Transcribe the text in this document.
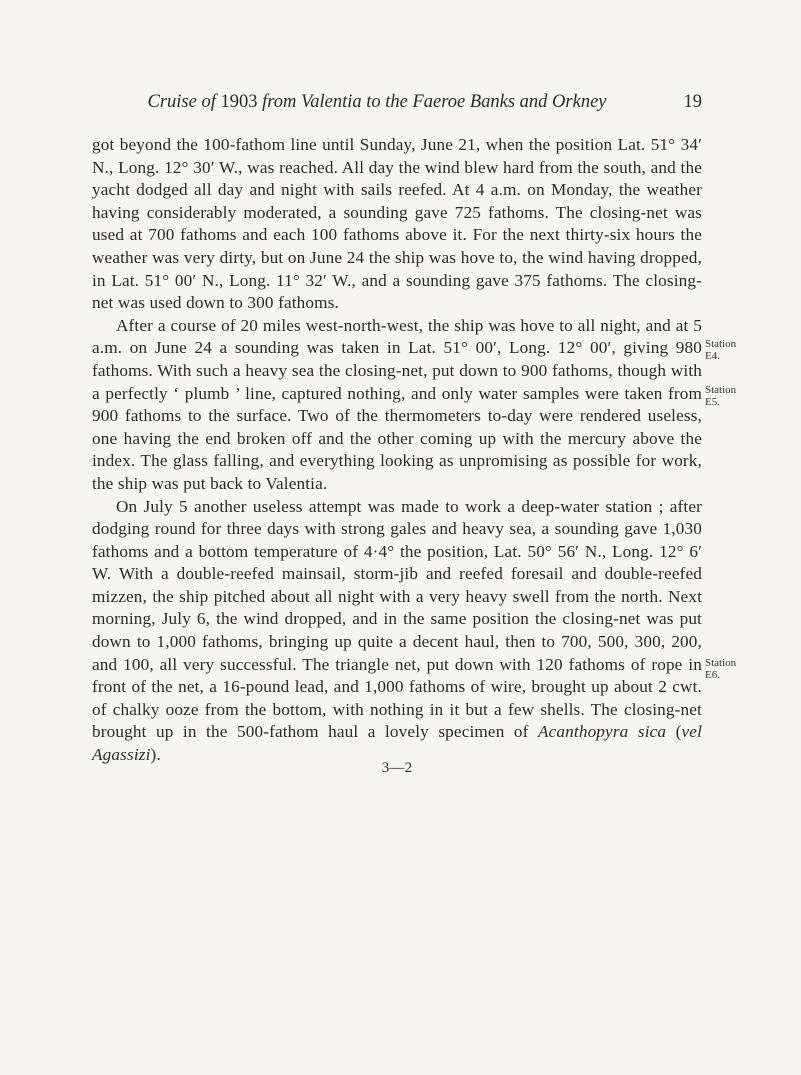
Cruise of 1903 from Valentia to the Faeroe Banks and Orkney	19

got beyond the 100-fathom line until Sunday, June 21, when the position Lat. 51° 34′ N., Long. 12° 30′ W., was reached. All day the wind blew hard from the south, and the yacht dodged all day and night with sails reefed. At 4 a.m. on Monday, the weather having considerably moderated, a sounding gave 725 fathoms. The closing-net was used at 700 fathoms and each 100 fathoms above it. For the next thirty-six hours the weather was very dirty, but on June 24 the ship was hove to, the wind having dropped, in Lat. 51° 00′ N., Long. 11° 32′ W., and a sounding gave 375 fathoms. The closing-net was used down to 300 fathoms.

After a course of 20 miles west-north-west, the ship was hove to all night, and at 5 a.m. on June 24 a sounding was taken in Lat. 51° 00′, Long. 12° 00′, giving 980 fathoms. With such a heavy sea the closing-net, put down to 900 fathoms, though with a perfectly ‘ plumb ’ line, captured nothing, and only water samples were taken from 900 fathoms to the surface. Two of the thermometers to-day were rendered useless, one having the end broken off and the other coming up with the mercury above the index. The glass falling, and everything looking as unpromising as possible for work, the ship was put back to Valentia.

On July 5 another useless attempt was made to work a deep-water station ; after dodging round for three days with strong gales and heavy sea, a sounding gave 1,030 fathoms and a bottom temperature of 4·4° the position, Lat. 50° 56′ N., Long. 12° 6′ W. With a double-reefed mainsail, storm-jib and reefed foresail and double-reefed mizzen, the ship pitched about all night with a very heavy swell from the north. Next morning, July 6, the wind dropped, and in the same position the closing-net was put down to 1,000 fathoms, bringing up quite a decent haul, then to 700, 500, 300, 200, and 100, all very successful. The triangle net, put down with 120 fathoms of rope in front of the net, a 16-pound lead, and 1,000 fathoms of wire, brought up about 2 cwt. of chalky ooze from the bottom, with nothing in it but a few shells. The closing-net brought up in the 500-fathom haul a lovely specimen of Acanthopyra sica (vel Agassizi).

3—2
Station
E4.
Station
E5.
Station
E6.
